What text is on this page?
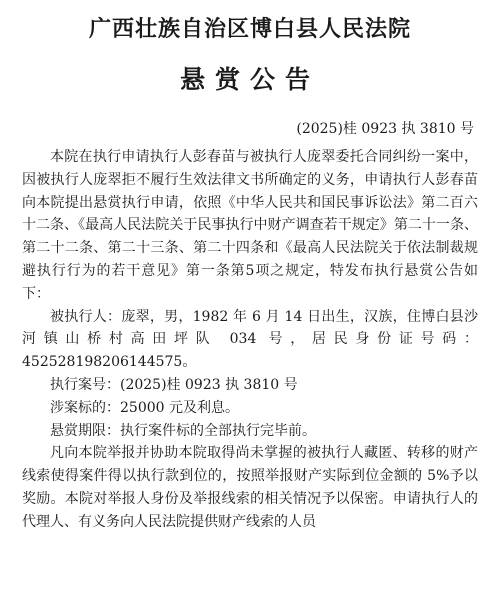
广西壮族自治区博白县人民法院
悬赏公告
(2025)桂 0923 执 3810 号

本院在执行申请执行人彭春苗与被执行人庞翠委托合同纠纷一案中，因被执行人庞翠拒不履行生效法律文书所确定的义务，申请执行人彭春苗向本院提出悬赏执行申请，依照《中华人民共和国民事诉讼法》第二百六十二条、《最高人民法院关于民事执行中财产调查若干规定》第二十一条、第二十二条、第二十三条、第二十四条和《最高人民法院关于依法制裁规避执行行为的若干意见》第一条第5项之规定，特发布执行悬赏公告如下：

被执行人：庞翠，男，1982 年 6 月 14 日出生，汉族，住博白县沙河镇山桥村高田坪队 034 号，居民身份证号码：452528198206144575。

执行案号：(2025)桂 0923 执 3810 号

涉案标的：25000 元及利息。

悬赏期限：执行案件标的全部执行完毕前。

凡向本院举报并协助本院取得尚未掌握的被执行人藏匿、转移的财产线索使得案件得以执行款到位的，按照举报财产实际到位金额的 5%予以奖励。本院对举报人身份及举报线索的相关情况予以保密。申请执行人的代理人、有义务向人民法院提供财产线索的人员
